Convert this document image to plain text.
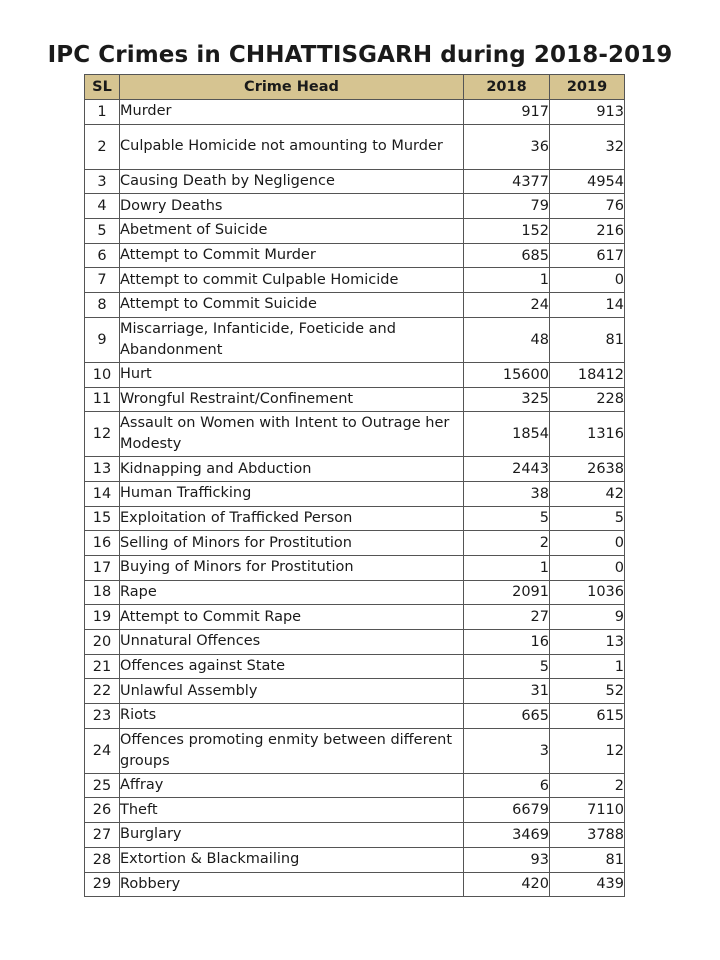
IPC Crimes in CHHATTISGARH during 2018-2019
SL	Crime Head	2018	2019
1	Murder	917	913
2	Culpable Homicide not amounting to Murder	36	32
3	Causing Death by Negligence	4377	4954
4	Dowry Deaths	79	76
5	Abetment of Suicide	152	216
6	Attempt to Commit Murder	685	617
7	Attempt to commit Culpable Homicide	1	0
8	Attempt to Commit Suicide	24	14
9	Miscarriage, Infanticide, Foeticide and Abandonment	48	81
10	Hurt	15600	18412
11	Wrongful Restraint/Confinement	325	228
12	Assault on Women with Intent to Outrage her Modesty	1854	1316
13	Kidnapping and Abduction	2443	2638
14	Human Trafficking	38	42
15	Exploitation of Trafficked Person	5	5
16	Selling of Minors for Prostitution	2	0
17	Buying of Minors for Prostitution	1	0
18	Rape	2091	1036
19	Attempt to Commit Rape	27	9
20	Unnatural Offences	16	13
21	Offences against State	5	1
22	Unlawful Assembly	31	52
23	Riots	665	615
24	Offences promoting enmity between different groups	3	12
25	Affray	6	2
26	Theft	6679	7110
27	Burglary	3469	3788
28	Extortion & Blackmailing	93	81
29	Robbery	420	439
